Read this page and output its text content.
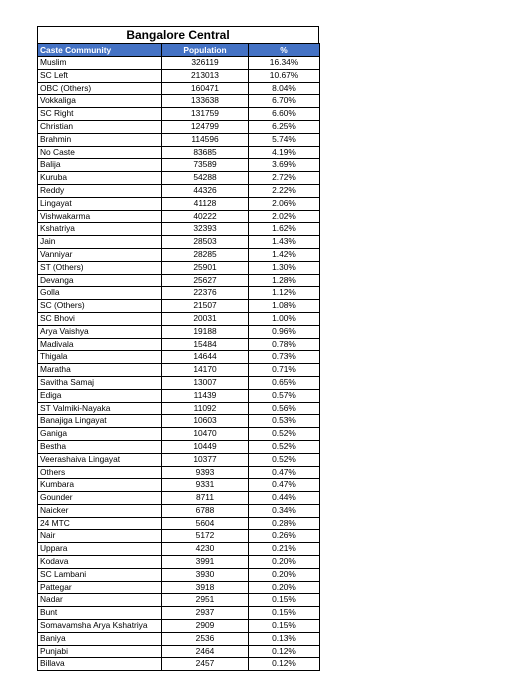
Bangalore Central
Caste Community	Population	%
Muslim	326119	16.34%
SC Left	213013	10.67%
OBC (Others)	160471	8.04%
Vokkaliga	133638	6.70%
SC Right	131759	6.60%
Christian	124799	6.25%
Brahmin	114596	5.74%
No Caste	83685	4.19%
Balija	73589	3.69%
Kuruba	54288	2.72%
Reddy	44326	2.22%
Lingayat	41128	2.06%
Vishwakarma	40222	2.02%
Kshatriya	32393	1.62%
Jain	28503	1.43%
Vanniyar	28285	1.42%
ST (Others)	25901	1.30%
Devanga	25627	1.28%
Golla	22376	1.12%
SC (Others)	21507	1.08%
SC Bhovi	20031	1.00%
Arya Vaishya	19188	0.96%
Madivala	15484	0.78%
Thigala	14644	0.73%
Maratha	14170	0.71%
Savitha Samaj	13007	0.65%
Ediga	11439	0.57%
ST Valmiki-Nayaka	11092	0.56%
Banajiga Lingayat	10603	0.53%
Ganiga	10470	0.52%
Bestha	10449	0.52%
Veerashaiva Lingayat	10377	0.52%
Others	9393	0.47%
Kumbara	9331	0.47%
Gounder	8711	0.44%
Naicker	6788	0.34%
24 MTC	5604	0.28%
Nair	5172	0.26%
Uppara	4230	0.21%
Kodava	3991	0.20%
SC Lambani	3930	0.20%
Pattegar	3918	0.20%
Nadar	2951	0.15%
Bunt	2937	0.15%
Somavamsha Arya Kshatriya	2909	0.15%
Baniya	2536	0.13%
Punjabi	2464	0.12%
Billava	2457	0.12%
